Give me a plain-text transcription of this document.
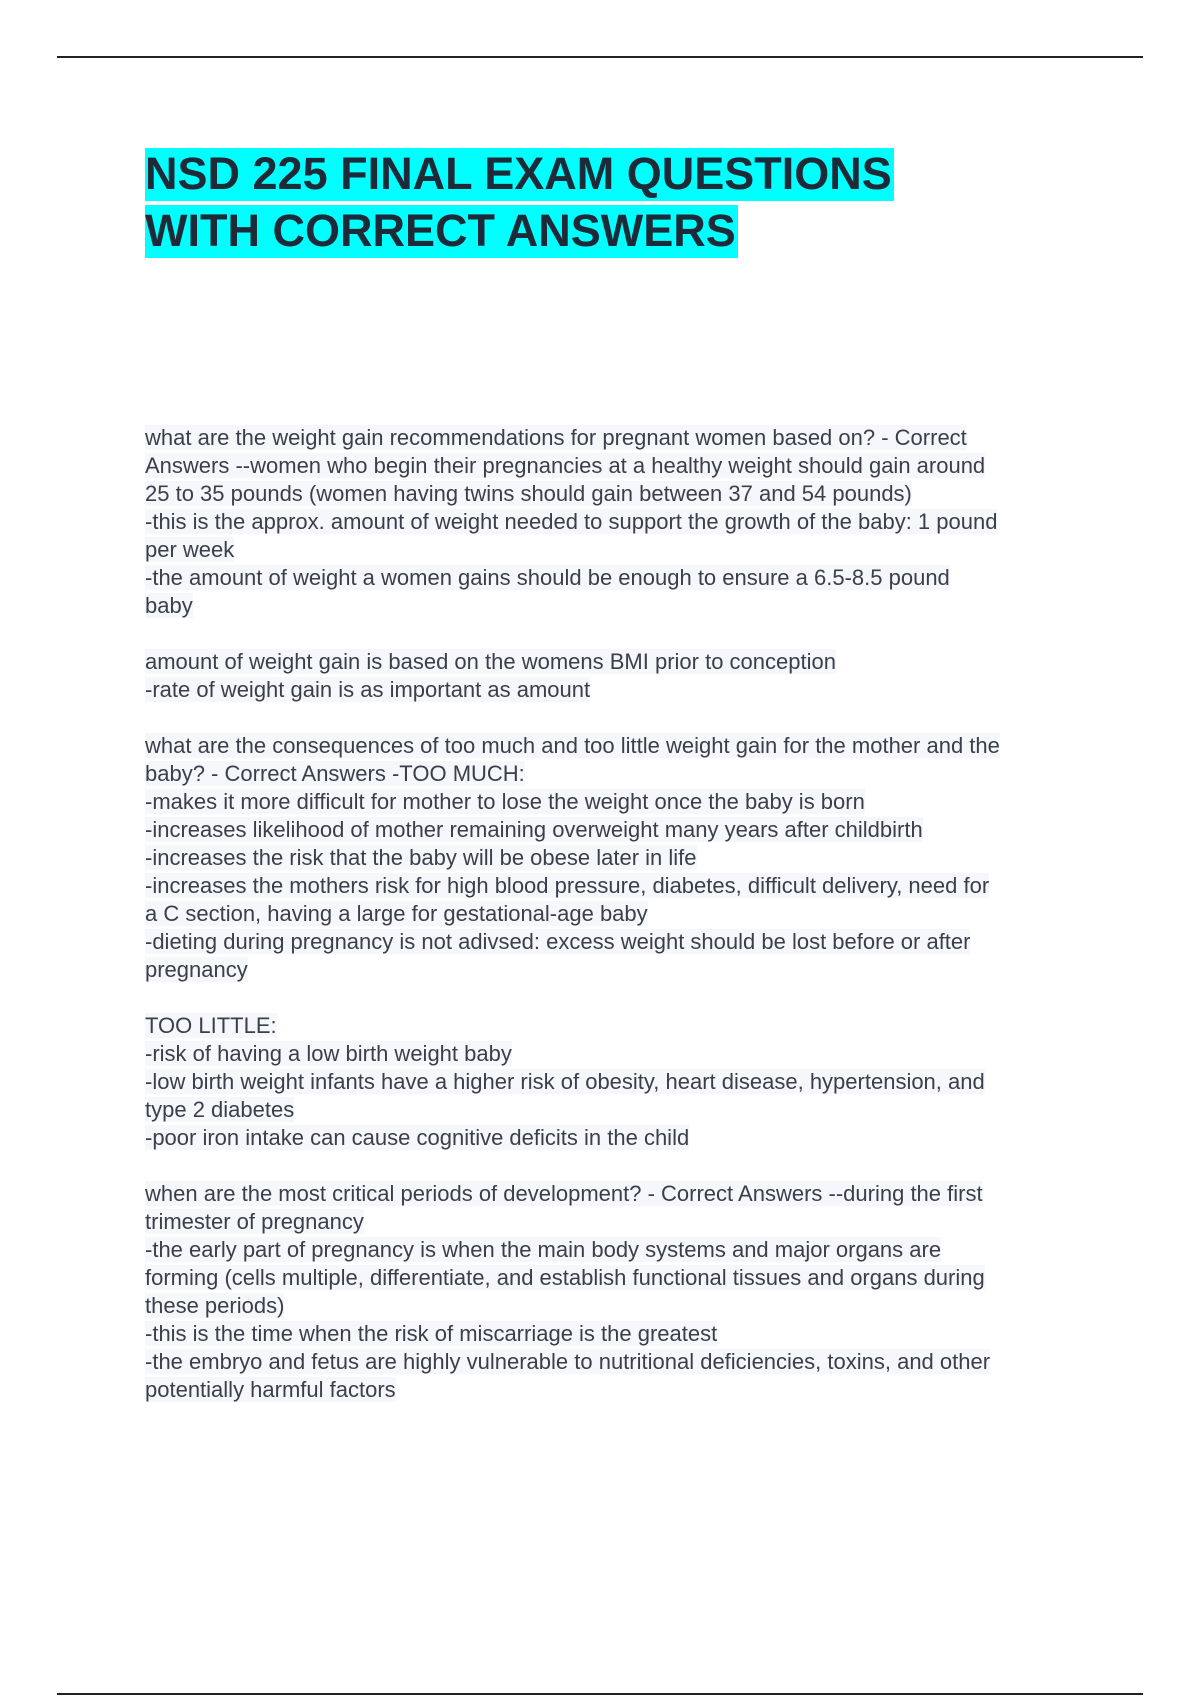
NSD 225 FINAL EXAM QUESTIONS
WITH CORRECT ANSWERS
what are the weight gain recommendations for pregnant women based on? - Correct
Answers --women who begin their pregnancies at a healthy weight should gain around
25 to 35 pounds (women having twins should gain between 37 and 54 pounds)
-this is the approx. amount of weight needed to support the growth of the baby: 1 pound
per week
-the amount of weight a women gains should be enough to ensure a 6.5-8.5 pound
baby
amount of weight gain is based on the womens BMI prior to conception
-rate of weight gain is as important as amount
what are the consequences of too much and too little weight gain for the mother and the
baby? - Correct Answers -TOO MUCH:
-makes it more difficult for mother to lose the weight once the baby is born
-increases likelihood of mother remaining overweight many years after childbirth
-increases the risk that the baby will be obese later in life
-increases the mothers risk for high blood pressure, diabetes, difficult delivery, need for
a C section, having a large for gestational-age baby
-dieting during pregnancy is not adivsed: excess weight should be lost before or after
pregnancy
TOO LITTLE:
-risk of having a low birth weight baby
-low birth weight infants have a higher risk of obesity, heart disease, hypertension, and
type 2 diabetes
-poor iron intake can cause cognitive deficits in the child
when are the most critical periods of development? - Correct Answers --during the first
trimester of pregnancy
-the early part of pregnancy is when the main body systems and major organs are
forming (cells multiple, differentiate, and establish functional tissues and organs during
these periods)
-this is the time when the risk of miscarriage is the greatest
-the embryo and fetus are highly vulnerable to nutritional deficiencies, toxins, and other
potentially harmful factors
